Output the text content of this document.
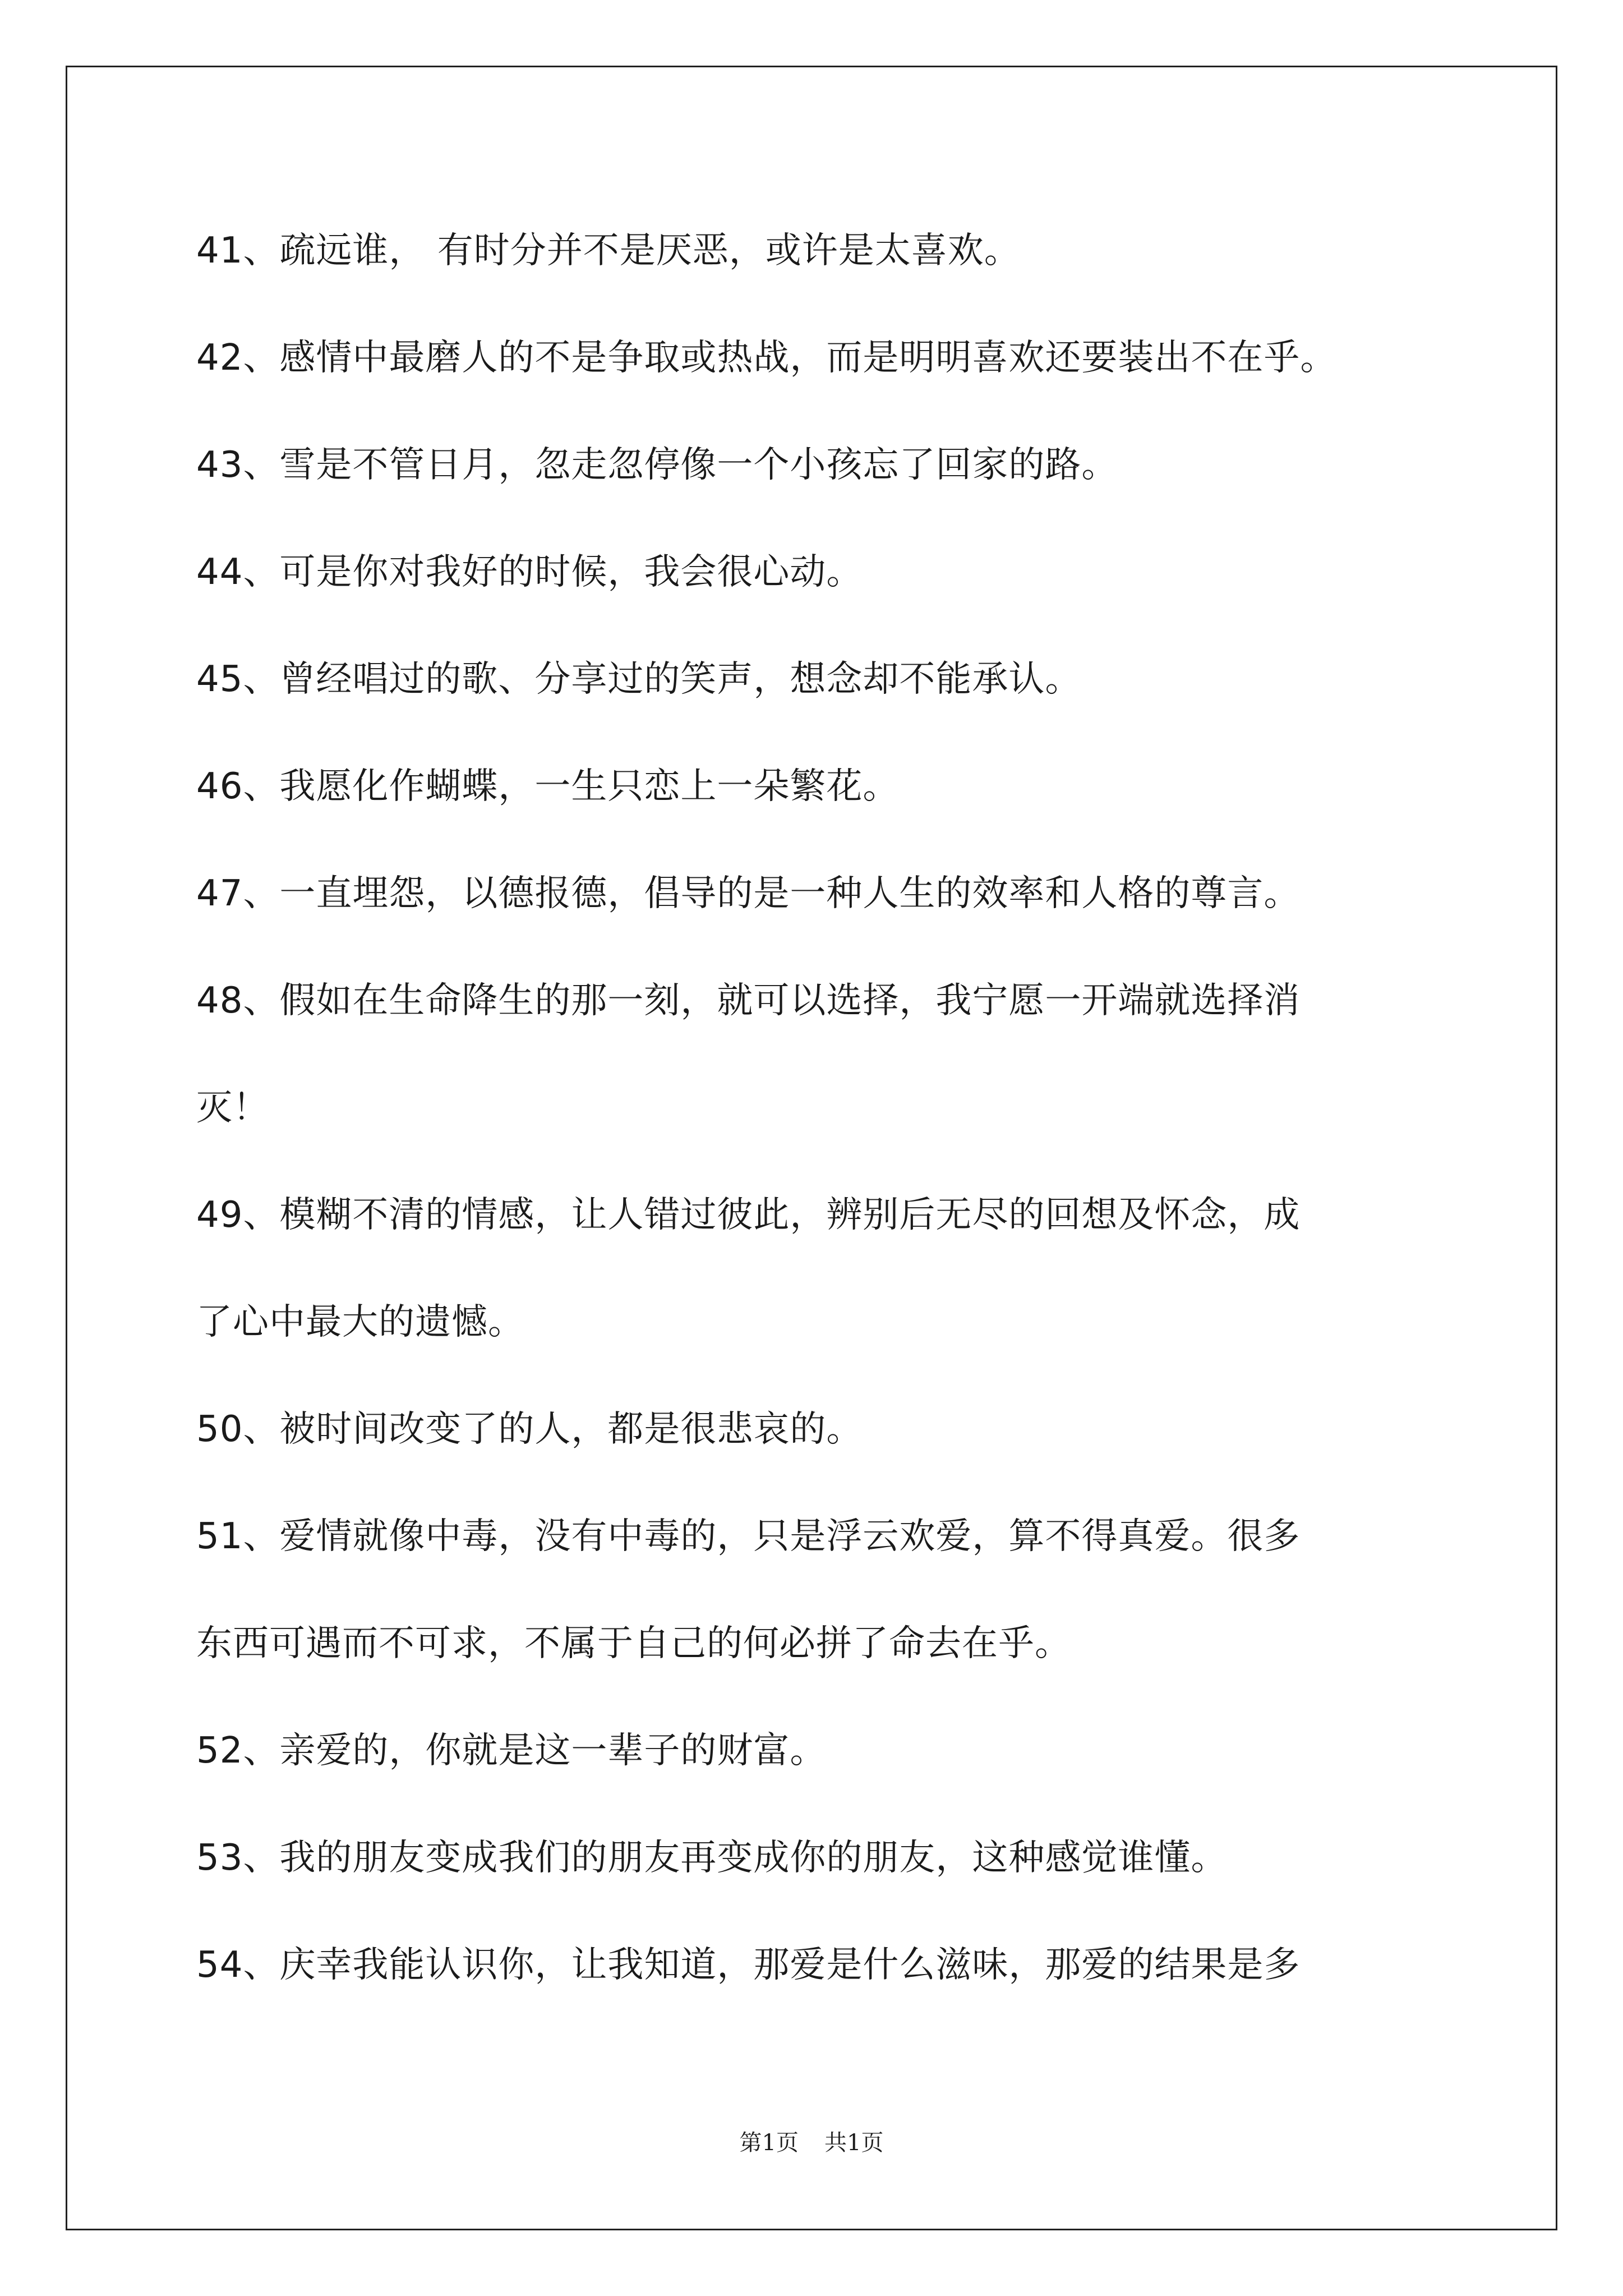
41、疏远谁， 有时分并不是厌恶，或许是太喜欢。
42、感情中最磨人的不是争取或热战，而是明明喜欢还要装出不在乎。
43、雪是不管日月，忽走忽停像一个小孩忘了回家的路。
44、可是你对我好的时候，我会很心动。
45、曾经唱过的歌、分享过的笑声，想念却不能承认。
46、我愿化作蝴蝶，一生只恋上一朵繁花。
47、一直埋怨，以德报德，倡导的是一种人生的效率和人格的尊言。
48、假如在生命降生的那一刻，就可以选择，我宁愿一开端就选择消
灭！
49、模糊不清的情感，让人错过彼此，辨别后无尽的回想及怀念，成
了心中最大的遗憾。
50、被时间改变了的人，都是很悲哀的。
51、爱情就像中毒，没有中毒的，只是浮云欢爱，算不得真爱。很多
东西可遇而不可求，不属于自己的何必拼了命去在乎。
52、亲爱的，你就是这一辈子的财富。
53、我的朋友变成我们的朋友再变成你的朋友，这种感觉谁懂。
54、庆幸我能认识你，让我知道，那爱是什么滋味，那爱的结果是多
第1页 共1页
